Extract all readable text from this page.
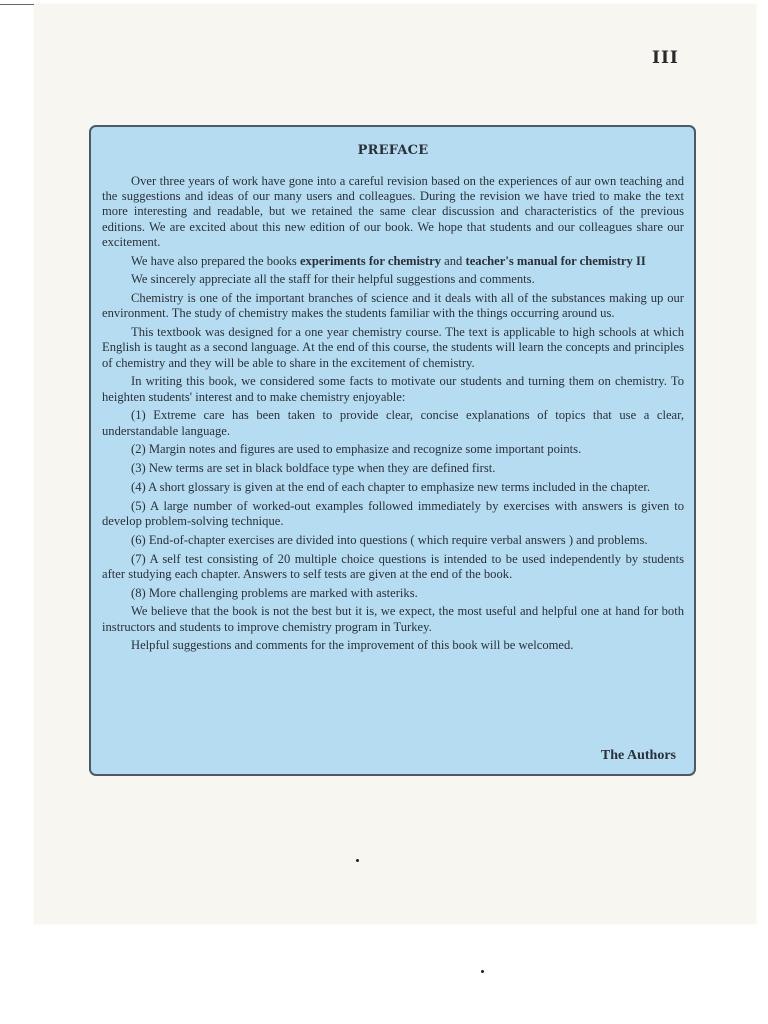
III
PREFACE

Over three years of work have gone into a careful revision based on the experiences of aur own teaching and the suggestions and ideas of our many users and colleagues. During the revision we have tried to make the text more interesting and readable, but we retained the same clear discussion and characteristics of the previous editions. We are excited about this new edition of our book. We hope that students and our colleagues share our excitement.

We have also prepared the books experiments for chemistry and teacher's manual for chemistry II

We sincerely appreciate all the staff for their helpful suggestions and comments.

Chemistry is one of the important branches of science and it deals with all of the substances making up our environment. The study of chemistry makes the students familiar with the things occurring around us.

This textbook was designed for a one year chemistry course. The text is applicable to high schools at which English is taught as a second language. At the end of this course, the students will learn the concepts and principles of chemistry and they will be able to share in the excitement of chemistry.

In writing this book, we considered some facts to motivate our students and turning them on chemistry. To heighten students' interest and to make chemistry enjoyable:

(1) Extreme care has been taken to provide clear, concise explanations of topics that use a clear, understandable language.

(2) Margin notes and figures are used to emphasize and recognize some important points.

(3) New terms are set in black boldface type when they are defined first.

(4) A short glossary is given at the end of each chapter to emphasize new terms included in the chapter.

(5) A large number of worked-out examples followed immediately by exercises with answers is given to develop problem-solving technique.

(6) End-of-chapter exercises are divided into questions ( which require verbal answers ) and problems.

(7) A self test consisting of 20 multiple choice questions is intended to be used independently by students after studying each chapter. Answers to self tests are given at the end of the book.

(8) More challenging problems are marked with asteriks.

We believe that the book is not the best but it is, we expect, the most useful and helpful one at hand for both instructors and students to improve chemistry program in Turkey.

Helpful suggestions and comments for the improvement of this book will be welcomed.

The Authors
